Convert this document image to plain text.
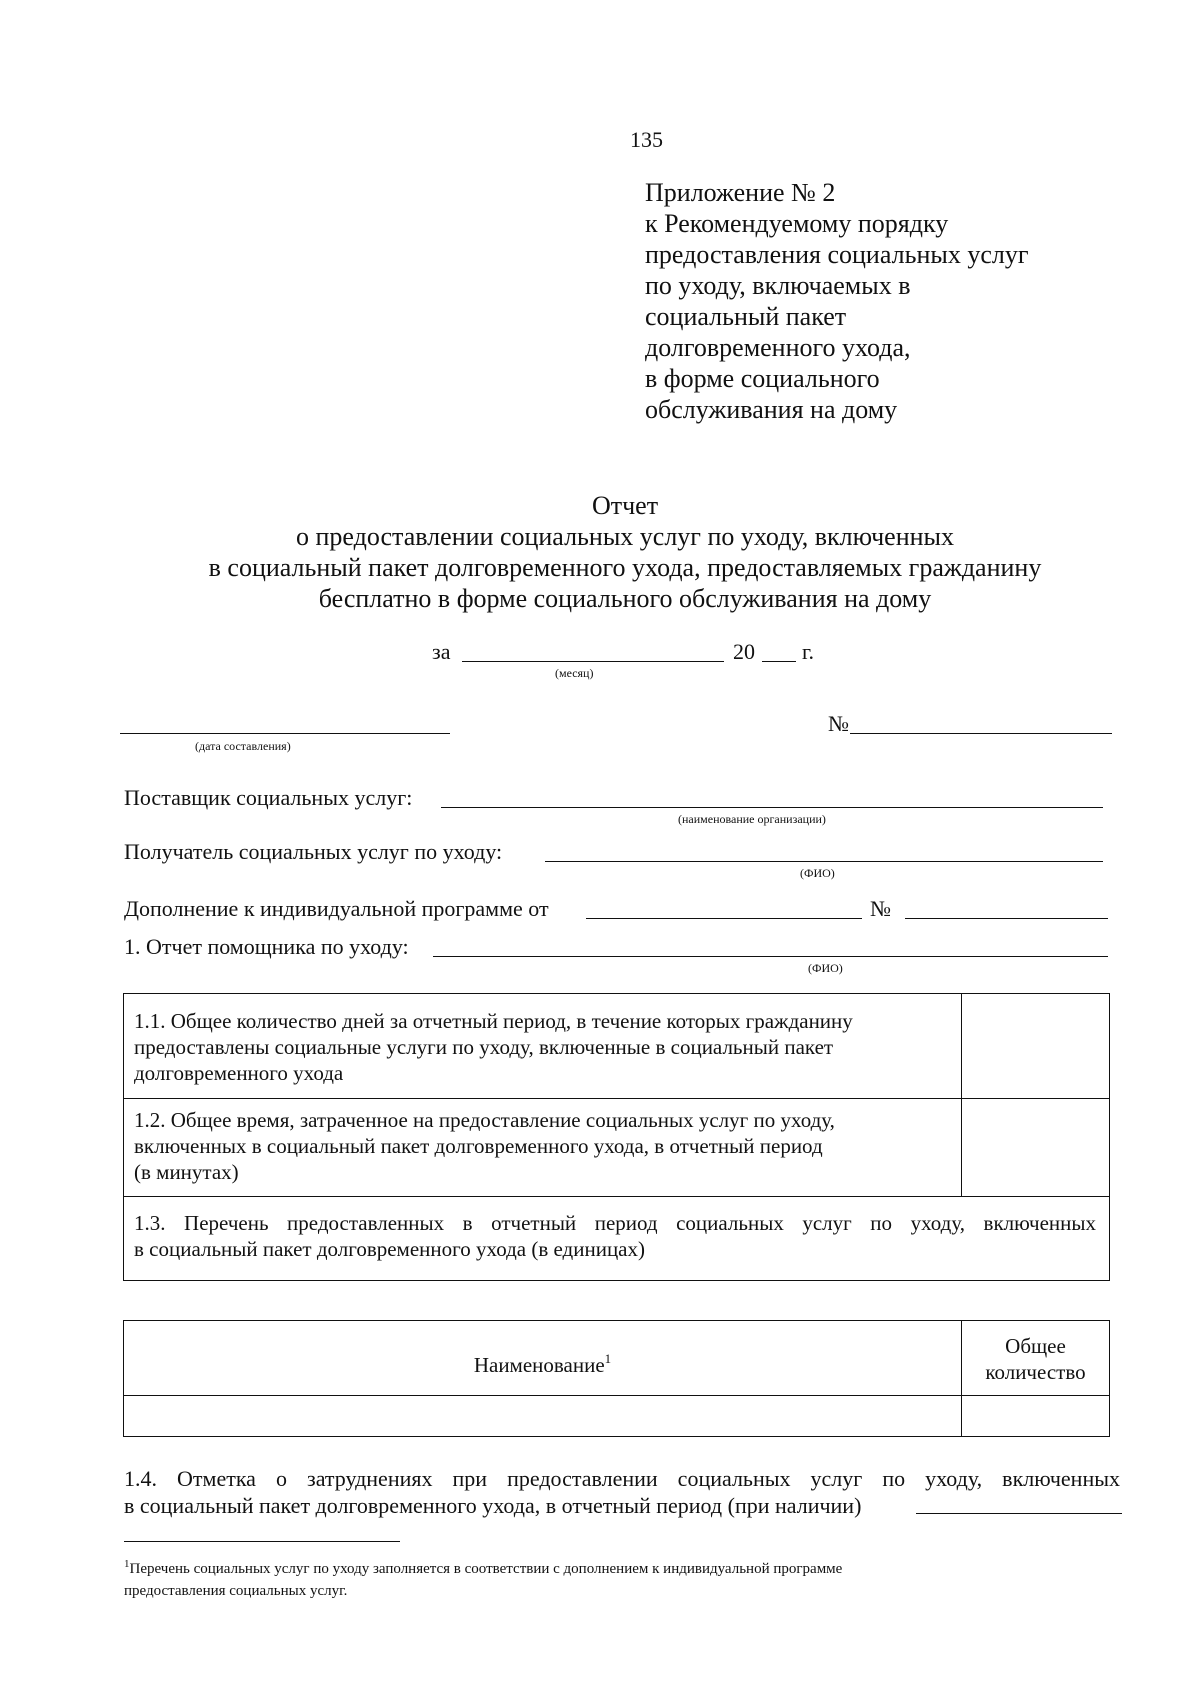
135
Приложение № 2
к Рекомендуемому порядку
предоставления социальных услуг
по уходу, включаемых в
социальный пакет
долговременного ухода,
в форме социального
обслуживания на дому
Отчет
о предоставлении социальных услуг по уходу, включенных
в социальный пакет долговременного ухода, предоставляемых гражданину
бесплатно в форме социального обслуживания на дому
за
(месяц)
20 г.
(дата составления)
№
Поставщик социальных услуг:
(наименование организации)
Получатель социальных услуг по уходу:
(ФИО)
Дополнение к индивидуальной программе от	№
1. Отчет помощника по уходу:
(ФИО)
1.1. Общее количество дней за отчетный период, в течение которых гражданину
предоставлены социальные услуги по уходу, включенные в социальный пакет
долговременного ухода
1.2. Общее время, затраченное на предоставление социальных услуг по уходу,
включенных в социальный пакет долговременного ухода, в отчетный период
(в минутах)
1.3. Перечень предоставленных в отчетный период социальных услуг по уходу, включенных
в социальный пакет долговременного ухода (в единицах)
Наименование$^1$
Общее
количество
1.4. Отметка о затруднениях при предоставлении социальных услуг по уходу, включенных
в социальный пакет долговременного ухода, в отчетный период (при наличии)
$^1$Перечень социальных услуг по уходу заполняется в соответствии с дополнением к индивидуальной программе
предоставления социальных услуг.
